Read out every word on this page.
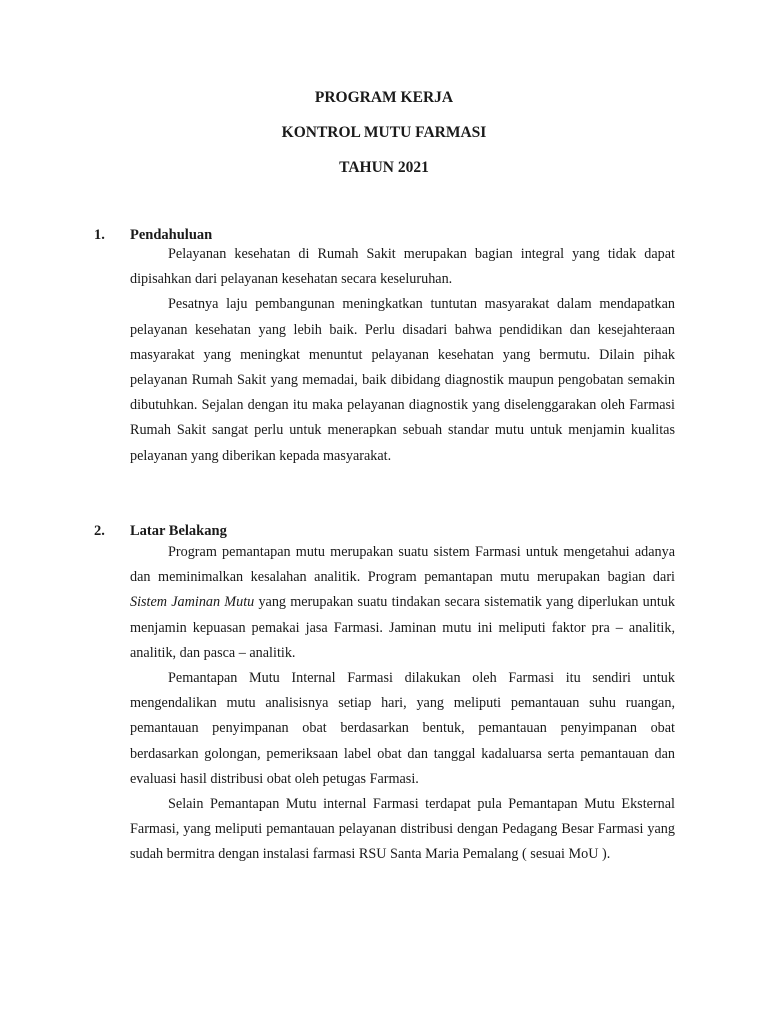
PROGRAM KERJA

KONTROL MUTU FARMASI

TAHUN 2021

1. Pendahuluan

Pelayanan kesehatan di Rumah Sakit merupakan bagian integral yang tidak dapat dipisahkan dari pelayanan kesehatan secara keseluruhan.

Pesatnya laju pembangunan meningkatkan tuntutan masyarakat dalam mendapatkan pelayanan kesehatan yang lebih baik. Perlu disadari bahwa pendidikan dan kesejahteraan masyarakat yang meningkat menuntut pelayanan kesehatan yang bermutu. Dilain pihak pelayanan Rumah Sakit yang memadai, baik dibidang diagnostik maupun pengobatan semakin dibutuhkan. Sejalan dengan itu maka pelayanan diagnostik yang diselenggarakan oleh Farmasi Rumah Sakit sangat perlu untuk menerapkan sebuah standar mutu untuk menjamin kualitas pelayanan yang diberikan kepada masyarakat.

2. Latar Belakang

Program pemantapan mutu merupakan suatu sistem Farmasi untuk mengetahui adanya dan meminimalkan kesalahan analitik. Program pemantapan mutu merupakan bagian dari Sistem Jaminan Mutu yang merupakan suatu tindakan secara sistematik yang diperlukan untuk menjamin kepuasan pemakai jasa Farmasi. Jaminan mutu ini meliputi faktor pra – analitik, analitik, dan pasca – analitik.

Pemantapan Mutu Internal Farmasi dilakukan oleh Farmasi itu sendiri untuk mengendalikan mutu analisisnya setiap hari, yang meliputi pemantauan suhu ruangan, pemantauan penyimpanan obat berdasarkan bentuk, pemantauan penyimpanan obat berdasarkan golongan, pemeriksaan label obat dan tanggal kadaluarsa serta pemantauan dan evaluasi hasil distribusi obat oleh petugas Farmasi.

Selain Pemantapan Mutu internal Farmasi terdapat pula Pemantapan Mutu Eksternal Farmasi, yang meliputi pemantauan pelayanan distribusi dengan Pedagang Besar Farmasi yang sudah bermitra dengan instalasi farmasi RSU Santa Maria Pemalang ( sesuai MoU ).
